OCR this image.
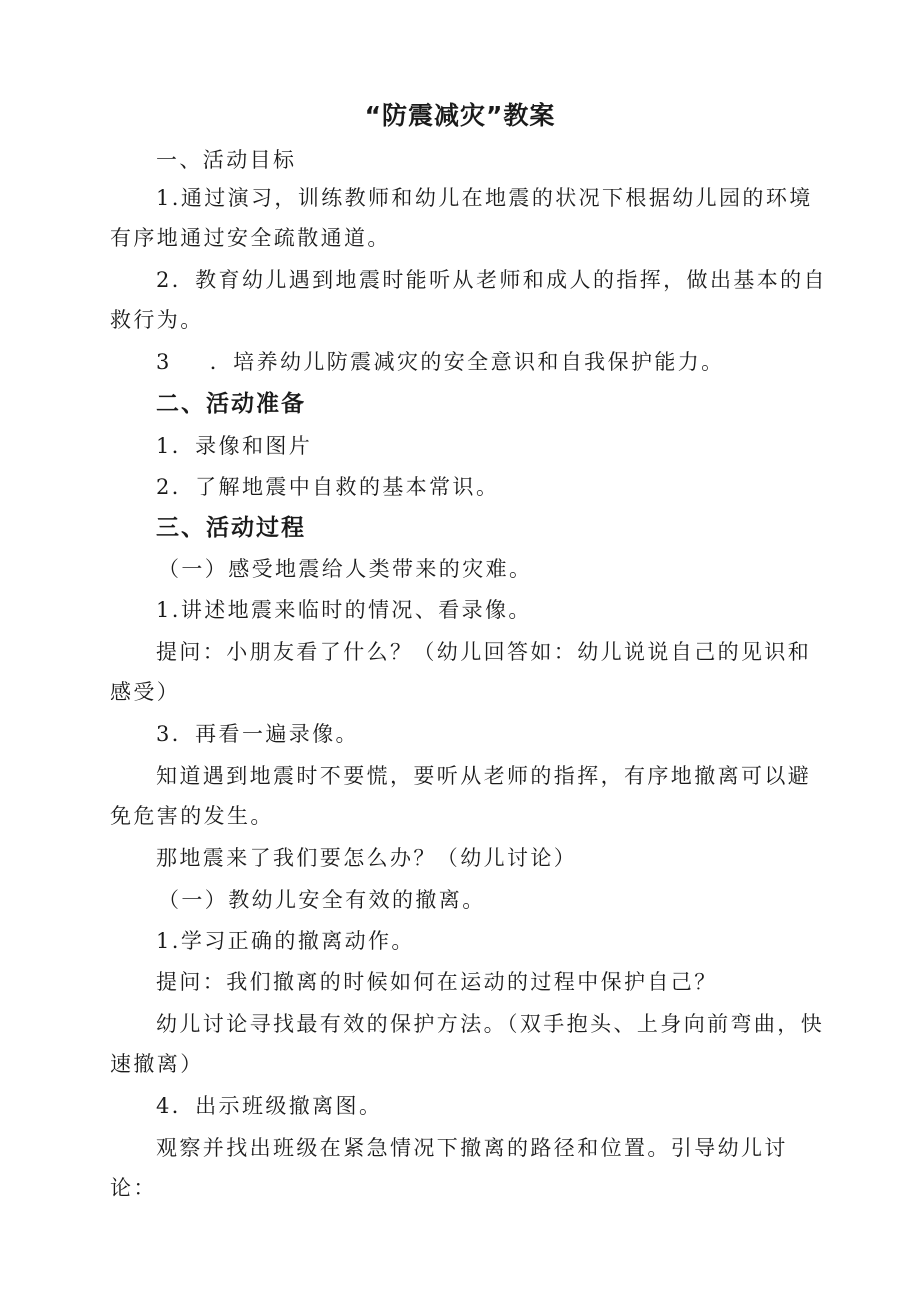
“防震减灾”教案

一、活动目标

1.通过演习，训练教师和幼儿在地震的状况下根据幼儿园的环境有序地通过安全疏散通道。

2．教育幼儿遇到地震时能听从老师和成人的指挥，做出基本的自救行为。

3 ．培养幼儿防震减灾的安全意识和自我保护能力。

二、活动准备

1．录像和图片

2．了解地震中自救的基本常识。

三、活动过程

（一）感受地震给人类带来的灾难。

1.讲述地震来临时的情况、看录像。

提问：小朋友看了什么？（幼儿回答如：幼儿说说自己的见识和感受）

3．再看一遍录像。

知道遇到地震时不要慌，要听从老师的指挥，有序地撤离可以避免危害的发生。

那地震来了我们要怎么办？（幼儿讨论）

（一）教幼儿安全有效的撤离。

1.学习正确的撤离动作。

提问：我们撤离的时候如何在运动的过程中保护自己？

幼儿讨论寻找最有效的保护方法。（双手抱头、上身向前弯曲，快速撤离）

4．出示班级撤离图。

观察并找出班级在紧急情况下撤离的路径和位置。引导幼儿讨论：
